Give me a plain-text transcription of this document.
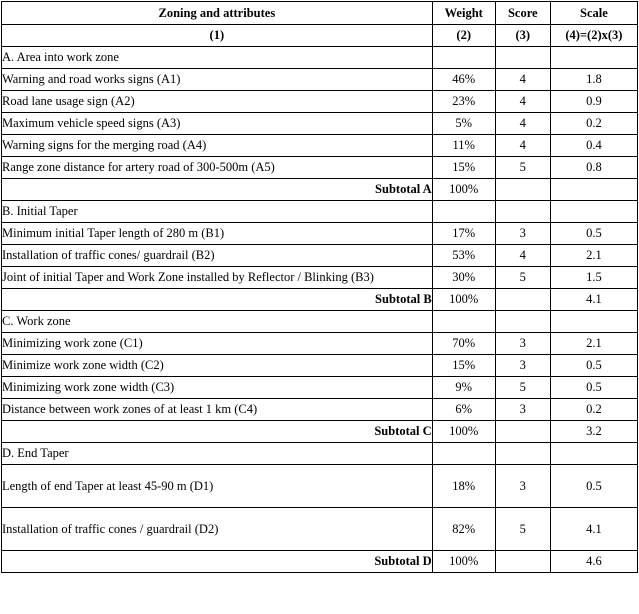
Zoning and attributes	Weight	Score	Scale
(1)	(2)	(3)	(4)=(2)x(3)
A. Area into work zone			
Warning and road works signs (A1)	46%	4	1.8
Road lane usage sign (A2)	23%	4	0.9
Maximum vehicle speed signs (A3)	5%	4	0.2
Warning signs for the merging road (A4)	11%	4	0.4
Range zone distance for artery road of 300-500m (A5)	15%	5	0.8
Subtotal A	100%		
B. Initial Taper			
Minimum initial Taper length of 280 m (B1)	17%	3	0.5
Installation of traffic cones/ guardrail (B2)	53%	4	2.1
Joint of initial Taper and Work Zone installed by Reflector / Blinking (B3)	30%	5	1.5
Subtotal B	100%		4.1
C. Work zone			
Minimizing work zone (C1)	70%	3	2.1
Minimize work zone width (C2)	15%	3	0.5
Minimizing work zone width (C3)	9%	5	0.5
Distance between work zones of at least 1 km (C4)	6%	3	0.2
Subtotal C	100%		3.2
D. End Taper			
Length of end Taper at least 45-90 m (D1)	18%	3	0.5
Installation of traffic cones / guardrail (D2)	82%	5	4.1
Subtotal D	100%		4.6
